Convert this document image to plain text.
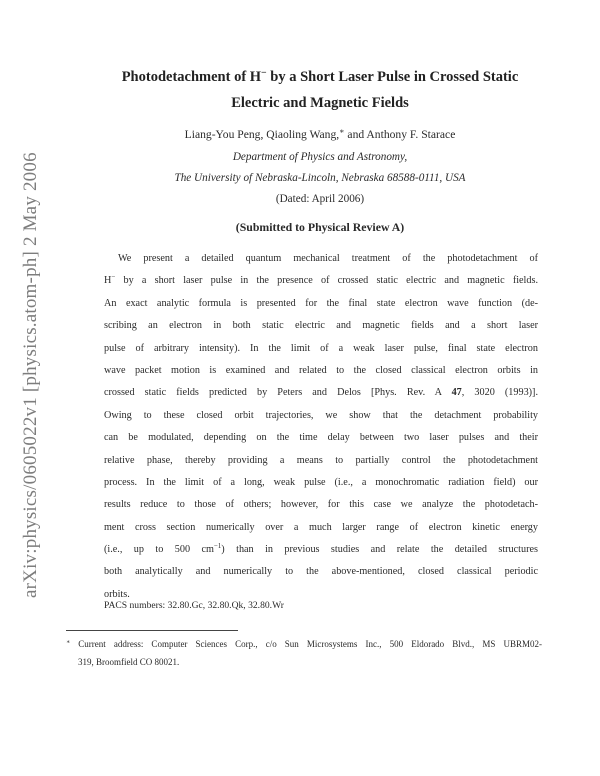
arXiv:physics/0605022v1 [physics.atom-ph] 2 May 2006
Photodetachment of H− by a Short Laser Pulse in Crossed Static
Electric and Magnetic Fields
Liang-You Peng, Qiaoling Wang,∗ and Anthony F. Starace
Department of Physics and Astronomy,
The University of Nebraska-Lincoln, Nebraska 68588-0111, USA
(Dated: April 2006)
(Submitted to Physical Review A)
We present a detailed quantum mechanical treatment of the photodetachment of
H− by a short laser pulse in the presence of crossed static electric and magnetic fields.
An exact analytic formula is presented for the final state electron wave function (de-
scribing an electron in both static electric and magnetic fields and a short laser
pulse of arbitrary intensity). In the limit of a weak laser pulse, final state electron
wave packet motion is examined and related to the closed classical electron orbits in
crossed static fields predicted by Peters and Delos [Phys. Rev. A 47, 3020 (1993)].
Owing to these closed orbit trajectories, we show that the detachment probability
can be modulated, depending on the time delay between two laser pulses and their
relative phase, thereby providing a means to partially control the photodetachment
process. In the limit of a long, weak pulse (i.e., a monochromatic radiation field) our
results reduce to those of others; however, for this case we analyze the photodetach-
ment cross section numerically over a much larger range of electron kinetic energy
(i.e., up to 500 $cm^{-1}$) than in previous studies and relate the detailed structures
both analytically and numerically to the above-mentioned, closed classical periodic
orbits.
PACS numbers: 32.80.Gc, 32.80.Qk, 32.80.Wr
∗ Current address: Computer Sciences Corp., c/o Sun Microsystems Inc., 500 Eldorado Blvd., MS UBRM02-
319, Broomfield CO 80021.
